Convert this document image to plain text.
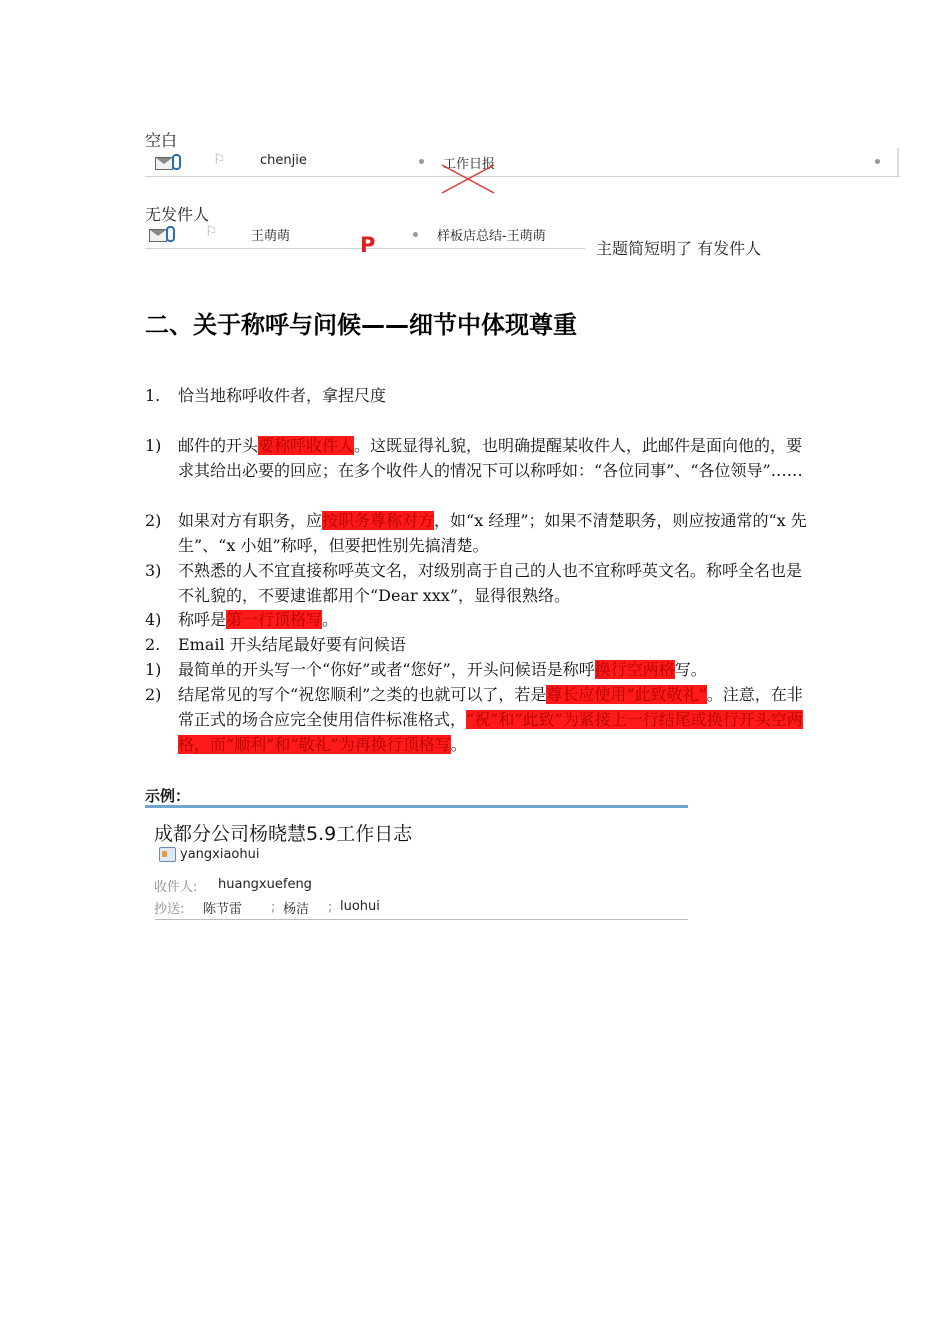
空白
⚐	chenjie	工作日报
无发件人
⚐	王萌萌	样板店总结-王萌萌
P	主题简短明了 有发件人
二、关于称呼与问候——细节中体现尊重
1.	恰当地称呼收件者，拿捏尺度
1)	邮件的开头要称呼收件人。这既显得礼貌，也明确提醒某收件人，此邮件是面向他的，要求其给出必要的回应；在多个收件人的情况下可以称呼如：“各位同事”、“各位领导”……
2)	如果对方有职务，应按职务尊称对方，如“x 经理”；如果不清楚职务，则应按通常的“x 先生”、“x 小姐”称呼，但要把性别先搞清楚。
3)	不熟悉的人不宜直接称呼英文名，对级别高于自己的人也不宜称呼英文名。称呼全名也是不礼貌的，不要逮谁都用个“Dear xxx”，显得很熟络。
4)	称呼是第一行顶格写。
2.	Email 开头结尾最好要有问候语
1)	最简单的开头写一个“你好”或者“您好”，开头问候语是称呼换行空两格写。
2)	结尾常见的写个“祝您顺利”之类的也就可以了，若是尊长应使用“此致敬礼”。注意，在非常正式的场合应完全使用信件标准格式，“祝”和“此致”为紧接上一行结尾或换行开头空两格，而“顺利”和“敬礼”为再换行顶格写。
示例：
成都分公司杨晓慧5.9工作日志
yangxiaohui
收件人: huangxuefeng
抄送: 陈节雷 ; 杨洁 ; luohui
